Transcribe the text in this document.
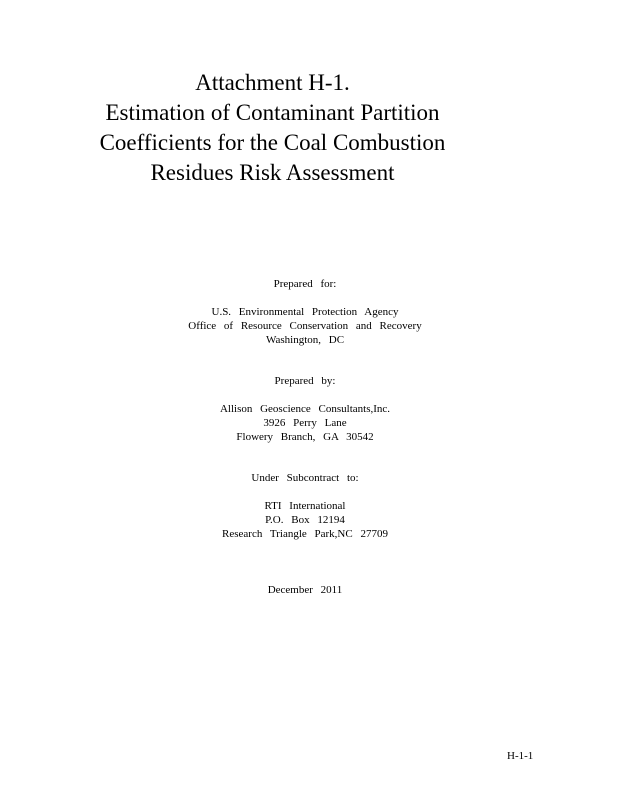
Attachment H-1.
Estimation of Contaminant Partition
Coefficients for the Coal Combustion
Residues Risk Assessment
Prepared for:
U.S. Environmental Protection Agency
Office of Resource Conservation and Recovery
Washington, DC
Prepared by:
Allison Geoscience Consultants,Inc.
3926 Perry Lane
Flowery Branch, GA 30542
Under Subcontract to:
RTI International
P.O. Box 12194
Research Triangle Park,NC 27709
December 2011
H-1-1
